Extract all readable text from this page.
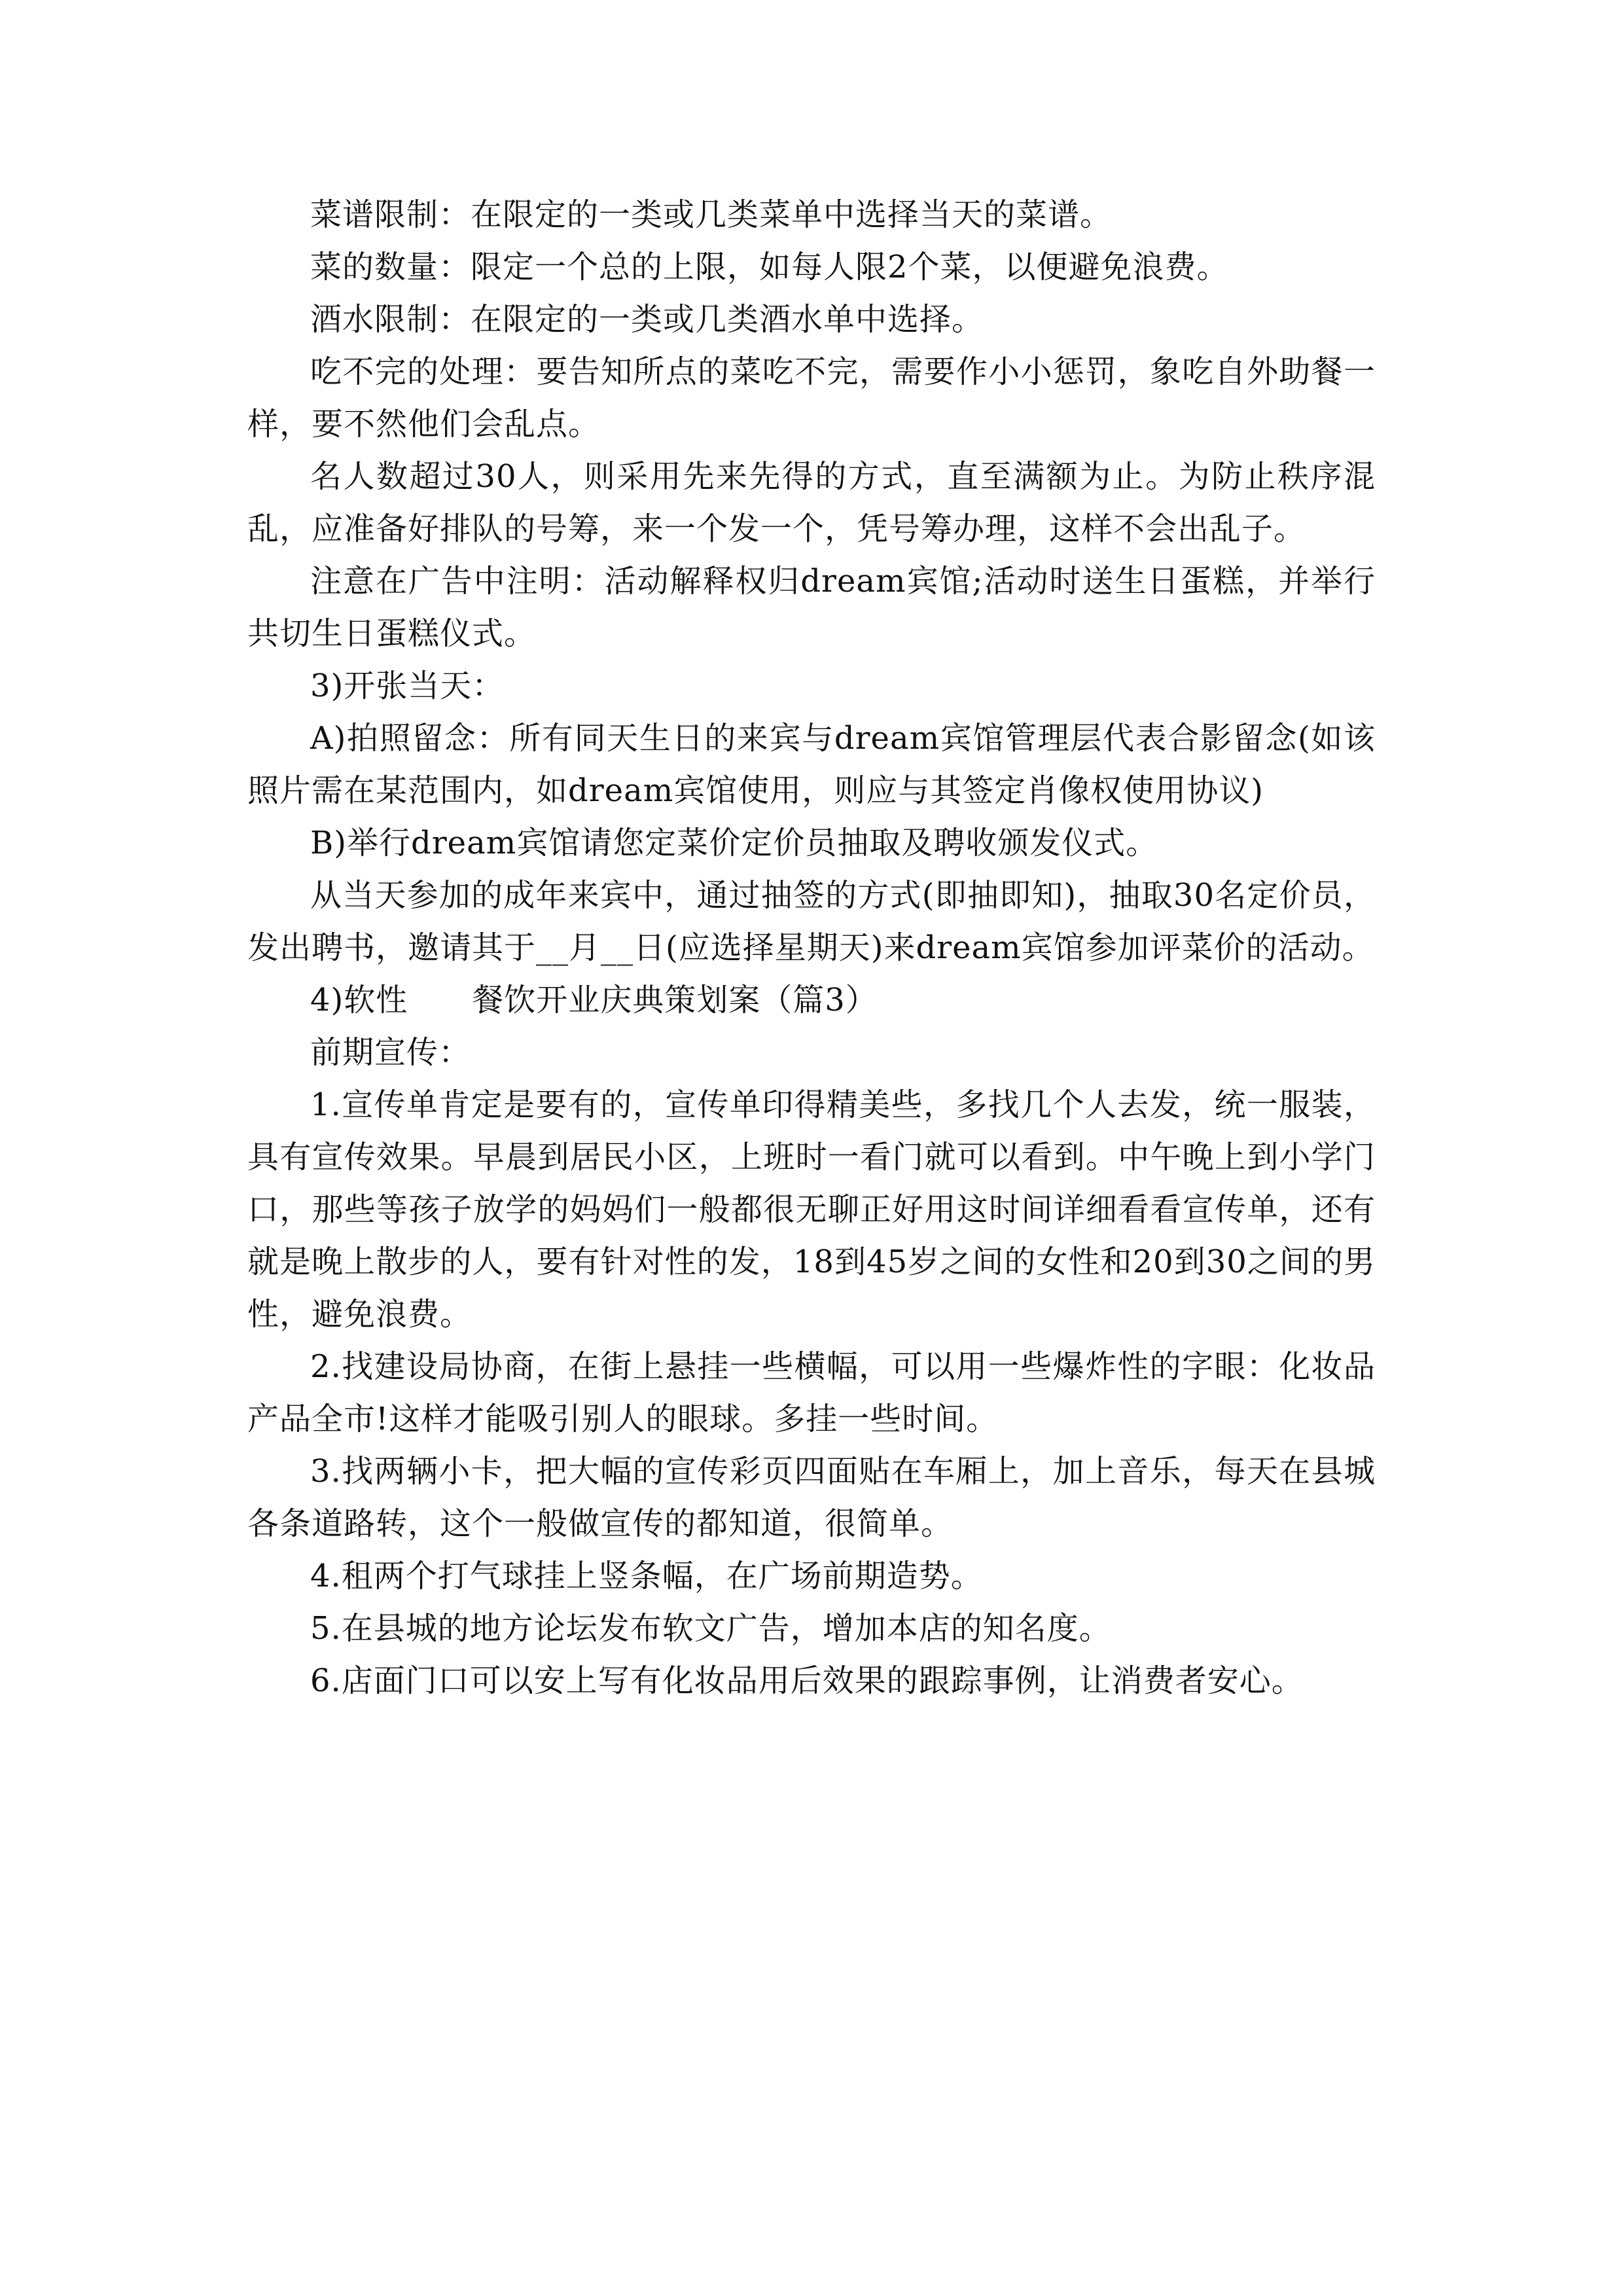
菜谱限制：在限定的一类或几类菜单中选择当天的菜谱。

菜的数量：限定一个总的上限，如每人限2个菜，以便避免浪费。

酒水限制：在限定的一类或几类酒水单中选择。

吃不完的处理：要告知所点的菜吃不完，需要作小小惩罚，象吃自外助餐一样，要不然他们会乱点。

名人数超过30人，则采用先来先得的方式，直至满额为止。为防止秩序混乱，应准备好排队的号筹，来一个发一个，凭号筹办理，这样不会出乱子。

注意在广告中注明：活动解释权归dream宾馆;活动时送生日蛋糕，并举行共切生日蛋糕仪式。

3)开张当天：

A)拍照留念：所有同天生日的来宾与dream宾馆管理层代表合影留念(如该照片需在某范围内，如dream宾馆使用，则应与其签定肖像权使用协议)

B)举行dream宾馆请您定菜价定价员抽取及聘收颁发仪式。

从当天参加的成年来宾中，通过抽签的方式(即抽即知)，抽取30名定价员，发出聘书，邀请其于__月__日(应选择星期天)来dream宾馆参加评菜价的活动。

4)软性　　餐饮开业庆典策划案（篇3）

前期宣传：

1.宣传单肯定是要有的，宣传单印得精美些，多找几个人去发，统一服装，具有宣传效果。早晨到居民小区，上班时一看门就可以看到。中午晚上到小学门口，那些等孩子放学的妈妈们一般都很无聊正好用这时间详细看看宣传单，还有就是晚上散步的人，要有针对性的发，18到45岁之间的女性和20到30之间的男性，避免浪费。

2.找建设局协商，在街上悬挂一些横幅，可以用一些爆炸性的字眼：化妆品产品全市!这样才能吸引别人的眼球。多挂一些时间。

3.找两辆小卡，把大幅的宣传彩页四面贴在车厢上，加上音乐，每天在县城各条道路转，这个一般做宣传的都知道，很简单。

4.租两个打气球挂上竖条幅，在广场前期造势。

5.在县城的地方论坛发布软文广告，增加本店的知名度。

6.店面门口可以安上写有化妆品用后效果的跟踪事例，让消费者安心。
